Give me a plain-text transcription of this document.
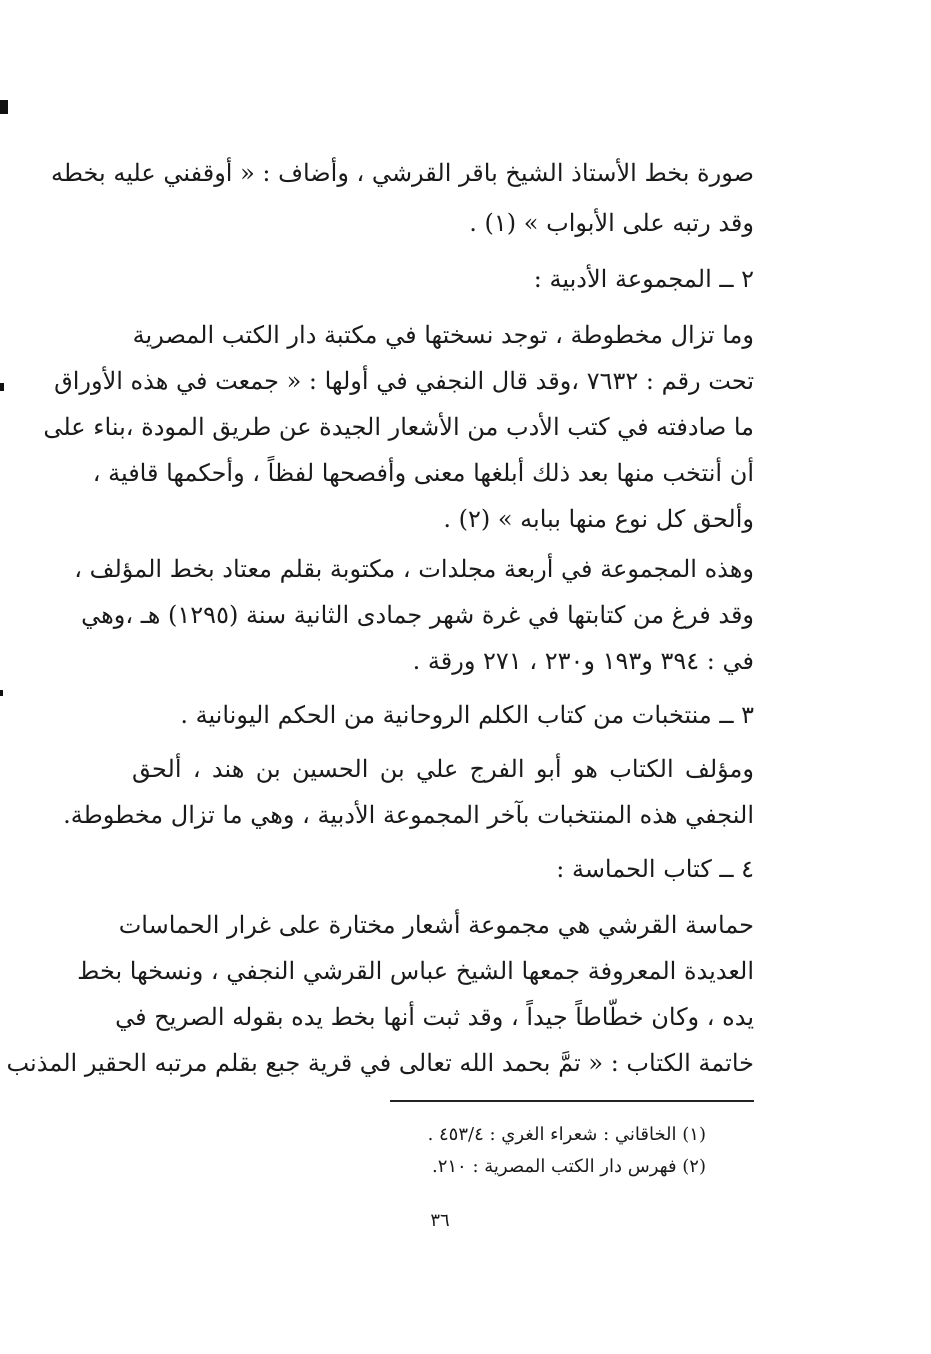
صورة بخط الأستاذ الشيخ باقر القرشي ، وأضاف : « أوقفني عليه بخطه
وقد رتبه على الأبواب » (١) .
٢ ــ المجموعة الأدبية :
وما تزال مخطوطة ، توجد نسختها في مكتبة دار الكتب المصرية
تحت رقم : ٧٦٣٢ ،وقد قال النجفي في أولها : « جمعت في هذه الأوراق
ما صادفته في كتب الأدب من الأشعار الجيدة عن طريق المودة ،بناء على
أن أنتخب منها بعد ذلك أبلغها معنى وأفصحها لفظاً ، وأحكمها قافية ،
وألحق كل نوع منها ببابه » (٢) .
وهذه المجموعة في أربعة مجلدات ، مكتوبة بقلم معتاد بخط المؤلف ،
وقد فرغ من كتابتها في غرة شهر جمادى الثانية سنة (١٢٩٥) هـ ،وهي
في : ٣٩٤ و١٩٣ و٢٣٠ ، ٢٧١ ورقة .
٣ ــ منتخبات من كتاب الكلم الروحانية من الحكم اليونانية .
ومؤلف الكتاب هو أبو الفرج علي بن الحسين بن هند ، ألحق
النجفي هذه المنتخبات بآخر المجموعة الأدبية ، وهي ما تزال مخطوطة.
٤ ــ كتاب الحماسة :
حماسة القرشي هي مجموعة أشعار مختارة على غرار الحماسات
العديدة المعروفة جمعها الشيخ عباس القرشي النجفي ، ونسخها بخط
يده ، وكان خطّاطاً جيداً ، وقد ثبت أنها بخط يده بقوله الصريح في
خاتمة الكتاب : « تمَّ بحمد الله تعالى في قرية جبع بقلم مرتبه الحقير المذنب
(١) الخاقاني : شعراء الغري : ٤٥٣/٤ .
(٢) فهرس دار الكتب المصرية : ٢١٠.
٣٦
